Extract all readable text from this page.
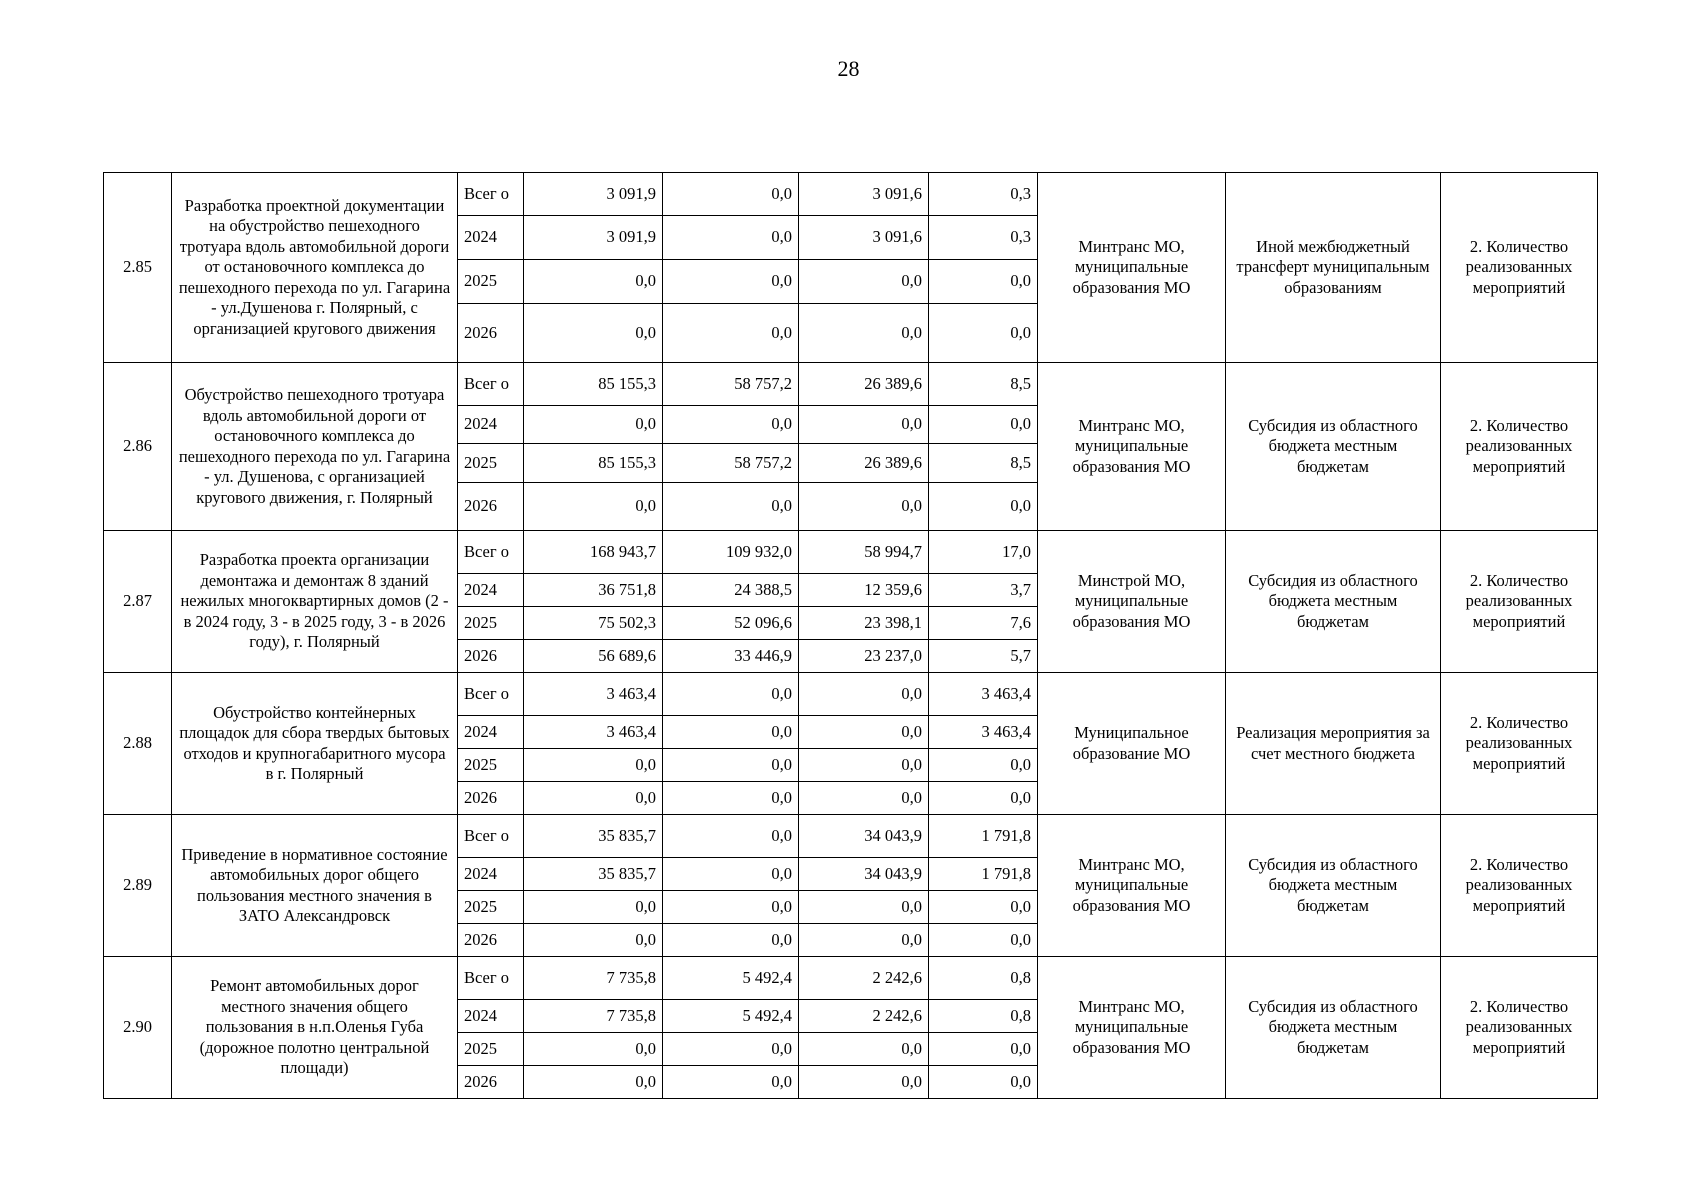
28
2.85	Разработка проектной документации на обустройство пешеходного тротуара вдоль автомобильной дороги от остановочного комплекса до пешеходного перехода по ул. Гагарина - ул.Душенова г. Полярный, с организацией кругового движения	Всег о	3 091,9	0,0	3 091,6	0,3	Минтранс МО, муниципальные образования МО	Иной межбюджетный трансферт муниципальным образованиям	2. Количество реализованных мероприятий
		2024	3 091,9	0,0	3 091,6	0,3			
		2025	0,0	0,0	0,0	0,0			
		2026	0,0	0,0	0,0	0,0			
2.86	Обустройство пешеходного тротуара вдоль автомобильной дороги от остановочного комплекса до пешеходного перехода по ул. Гагарина - ул. Душенова, с организацией кругового движения, г. Полярный	Всег о	85 155,3	58 757,2	26 389,6	8,5	Минтранс МО, муниципальные образования МО	Субсидия из областного бюджета местным бюджетам	2. Количество реализованных мероприятий
		2024	0,0	0,0	0,0	0,0			
		2025	85 155,3	58 757,2	26 389,6	8,5			
		2026	0,0	0,0	0,0	0,0			
2.87	Разработка проекта организации демонтажа и демонтаж 8 зданий нежилых многоквартирных домов (2 - в 2024 году, 3 - в 2025 году, 3 - в 2026 году), г. Полярный	Всег о	168 943,7	109 932,0	58 994,7	17,0	Минстрой МО, муниципальные образования МО	Субсидия из областного бюджета местным бюджетам	2. Количество реализованных мероприятий
		2024	36 751,8	24 388,5	12 359,6	3,7			
		2025	75 502,3	52 096,6	23 398,1	7,6			
		2026	56 689,6	33 446,9	23 237,0	5,7			
2.88	Обустройство контейнерных площадок для сбора твердых бытовых отходов и крупногабаритного мусора в г. Полярный	Всег о	3 463,4	0,0	0,0	3 463,4	Муниципальное образование МО	Реализация мероприятия за счет местного бюджета	2. Количество реализованных мероприятий
		2024	3 463,4	0,0	0,0	3 463,4			
		2025	0,0	0,0	0,0	0,0			
		2026	0,0	0,0	0,0	0,0			
2.89	Приведение в нормативное состояние автомобильных дорог общего пользования местного значения в ЗАТО Александровск	Всег о	35 835,7	0,0	34 043,9	1 791,8	Минтранс МО, муниципальные образования МО	Субсидия из областного бюджета местным бюджетам	2. Количество реализованных мероприятий
		2024	35 835,7	0,0	34 043,9	1 791,8			
		2025	0,0	0,0	0,0	0,0			
		2026	0,0	0,0	0,0	0,0			
2.90	Ремонт автомобильных дорог местного значения общего пользования в н.п.Оленья Губа (дорожное полотно центральной площади)	Всег о	7 735,8	5 492,4	2 242,6	0,8	Минтранс МО, муниципальные образования МО	Субсидия из областного бюджета местным бюджетам	2. Количество реализованных мероприятий
		2024	7 735,8	5 492,4	2 242,6	0,8			
		2025	0,0	0,0	0,0	0,0			
		2026	0,0	0,0	0,0	0,0			
